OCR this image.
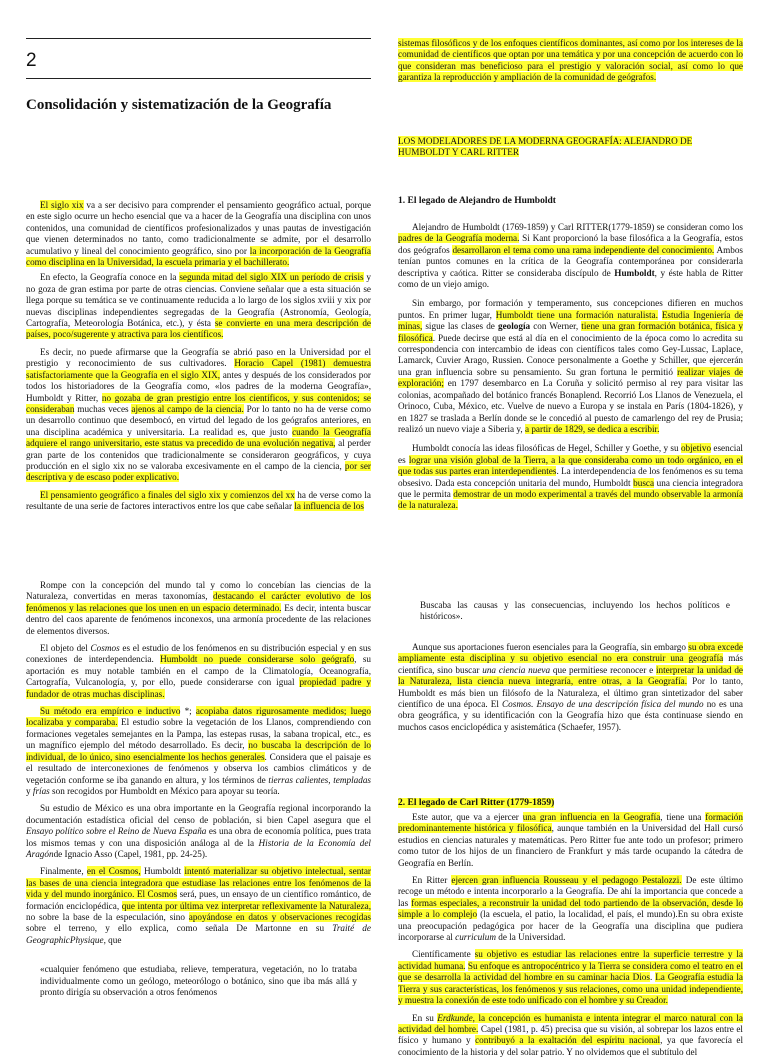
2
Consolidación y sistematización de la Geografía

El siglo xix va a ser decisivo para comprender el pensamiento geográfico actual, porque en este siglo ocurre un hecho esencial que va a hacer de la Geografía una disciplina con unos contenidos, una comunidad de científicos profesionalizados y unas pautas de investigación que vienen determinados no tanto, como tradicionalmente se admite, por el desarrollo acumulativo y lineal del conocimiento geográfico, sino por la incorporación de la Geografía como disciplina en la Universidad, la escuela primaria y el bachillerato.

En efecto, la Geografía conoce en la segunda mitad del siglo XIX un período de crisis y no goza de gran estima por parte de otras ciencias. Conviene señalar que a esta situación se llega porque su temática se ve continuamente reducida a lo largo de los siglos xviii y xix por nuevas disciplinas independientes segregadas de la Geografía (Astronomía, Geología, Cartografía, Meteorología Botánica, etc.), y ésta se convierte en una mera descripción de países, poco/sugerente y atractiva para los científicos.

Es decir, no puede afirmarse que la Geografía se abrió paso en la Universidad por el prestigio y reconocimiento de sus cultivadores. Horacio Capel (1981) demuestra satisfactoriamente que la Geografía en el siglo XIX, antes y después de los considerados por todos los historiadores de la Geografía como, «los padres de la moderna Geografía», Humboldt y Ritter, no gozaba de gran prestigio entre los científicos, y sus contenidos; se consideraban muchas veces ajenos al campo de la ciencia. Por lo tanto no ha de verse como un desarrollo continuo que desembocó, en virtud del legado de los geógrafos anteriores, en una disciplina académica y universitaria. La realidad es, que justo cuando la Geografía adquiere el rango universitario, este status va precedido de una evolución negativa, al perder gran parte de los contenidos que tradicionalmente se consideraron geográficos, y cuya producción en el siglo xix no se valoraba excesivamente en el campo de la ciencia, por ser descriptiva y de escaso poder explicativo.

El pensamiento geográfico a finales del siglo xix y comienzos del xx ha de verse como la resultante de una serie de factores interactivos entre los que cabe señalar la influencia de los

Rompe con la concepción del mundo tal y como lo concebían las ciencias de la Naturaleza, convertidas en meras taxonomías, destacando el carácter evolutivo de los fenómenos y las relaciones que los unen en un espacio determinado. Es decir, intenta buscar dentro del caos aparente de fenómenos inconexos, una armonía procedente de las relaciones de elementos diversos.

El objeto del Cosmos es el estudio de los fenómenos en su distribución especial y en sus conexiones de interdependencia. Humboldt no puede considerarse solo geógrafo, su aportación es muy notable también en el campo de la Climatología, Oceanografía, Cartografía, Vulcanología, y, por ello, puede considerarse con igual propiedad padre y fundador de otras muchas disciplinas.

Su método era empírico e inductivo *; acopiaba datos rigurosamente medidos; luego localizaba y comparaba. El estudio sobre la vegetación de los Llanos, comprendiendo con formaciones vegetales semejantes en la Pampa, las estepas rusas, la sabana tropical, etc., es un magnífico ejemplo del método desarrollado. Es decir, no buscaba la descripción de lo individual, de lo único, sino esencialmente los hechos generales. Considera que el paisaje es el resultado de interconexiones de fenómenos y observa los cambios climáticos y de vegetación conforme se iba ganando en altura, y los términos de tierras calientes, templadas y frías son recogidos por Humboldt en México para apoyar su teoría.

Su estudio de México es una obra importante en la Geografía regional incorporando la documentación estadística oficial del censo de población, si bien Capel asegura que el Ensayo político sobre el Reino de Nueva España es una obra de economía política, pues trata los mismos temas y con una disposición análoga al de la Historia de la Economía del Aragónde Ignacio Asso (Capel, 1981, pp. 24-25).

Finalmente, en el Cosmos, Humboldt intentó materializar su objetivo intelectual, sentar las bases de una ciencia integradora que estudiase las relaciones entre los fenómenos de la vida y del mundo inorgánico. El Cosmos será, pues, un ensayo de un científico romántico, de formación enciclopédica, que intenta por última vez interpretar reflexivamente la Naturaleza, no sobre la base de la especulación, sino apoyándose en datos y observaciones recogidas sobre el terreno, y ello explica, como señala De Martonne en su Traité de GeographicPhysique, que

«cualquier fenómeno que estudiaba, relieve, temperatura, vegetación, no lo trataba individualmente como un geólogo, meteorólogo o botánico, sino que iba más allá y pronto dirigía su observación a otros fenómenos

sistemas filosóficos y de los enfoques científicos dominantes, así como por los intereses de la comunidad de científicos que optan por una temática y por una concepción de acuerdo con lo que consideran mas beneficioso para el prestigio y valoración social, así como lo que garantiza la reproducción y ampliación de la comunidad de geógrafos.

LOS MODELADORES DE LA MODERNA GEOGRAFÍA: ALEJANDRO DE HUMBOLDT Y CARL RITTER
1. El legado de Alejandro de Humboldt

Alejandro de Humboldt (1769-1859) y Carl RITTER(1779-1859) se consideran como los padres de la Geografía moderna. Si Kant proporcionó la base filosófica a la Geografía, estos dos geógrafos desarrollaron el tema como una rama independiente del conocimiento. Ambos tenían puntos comunes en la crítica de la Geografía contemporánea por considerarla descriptiva y caótica. Ritter se consideraba discípulo de Humboldt, y éste habla de Ritter como de un viejo amigo.

Sin embargo, por formación y temperamento, sus concepciones difieren en muchos puntos. En primer lugar, Humboldt tiene una formación naturalista. Estudia Ingeniería de minas, sigue las clases de geología con Werner, tiene una gran formación botánica, física y filosófica. Puede decirse que está al día en el conocimiento de la época como lo acredita su correspondencia con intercambio de ideas con científicos tales como Gey-Lussac, Laplace, Lamarck, Cuvier Arago, Russien. Conoce personalmente a Goethe y Schiller, que ejercerán una gran influencia sobre su pensamiento. Su gran fortuna le permitió realizar viajes de exploración; en 1797 desembarco en La Coruña y solicitó permiso al rey para visitar las colonias, acompañado del botánico francés Bonaplend. Recorrió Los Llanos de Venezuela, el Orinoco, Cuba, México, etc. Vuelve de nuevo a Europa y se instala en París (1804-1826), y en 1827 se traslada a Berlín donde se le concedió al puesto de camarlengo del rey de Prusia; realizó un nuevo viaje a Siberia y, a partir de 1829, se dedica a escribir.

Humboldt conocía las ideas filosóficas de Hegel, Schiller y Goethe, y su objetivo esencial es lograr una visión global de la Tierra, a la que consideraba como un todo orgánico, en el que todas sus partes eran interdependientes. La interdependencia de los fenómenos es su tema obsesivo. Dada esta concepción unitaria del mundo, Humboldt busca una ciencia integradora que le permita demostrar de un modo experimental a través del mundo observable la armonía de la naturaleza.

Buscaba las causas y las consecuencias, incluyendo los hechos políticos e históricos».

Aunque sus aportaciones fueron esenciales para la Geografía, sin embargo su obra excede ampliamente esta disciplina y su objetivo esencial no era construir una geografía más científica, sino buscar una ciencia nueva que permitiese reconocer e interpretar la unidad de la Naturaleza, lista ciencia nueva integraría, entre otras, a la Geografía. Por lo tanto, Humboldt es más bien un filósofo de la Naturaleza, el último gran sintetizador del saber científico de una época. El Cosmos. Ensayo de una descripción física del mundo no es una obra geográfica, y su identificación con la Geografía hizo que ésta continuase siendo en muchos casos enciclopédica y asistemática (Schaefer, 1957).

2. El legado de Carl Ritter (1779-1859)

Este autor, que va a ejercer una gran influencia en la Geografía, tiene una formación predominantemente histórica y filosófica, aunque también en la Universidad del Hall cursó estudios en ciencias naturales y matemáticas. Pero Ritter fue ante todo un profesor; primero como tutor de los hijos de un financiero de Frankfurt y más tarde ocupando la cátedra de Geografía en Berlín.

En Ritter ejercen gran influencia Rousseau y el pedagogo Pestalozzi. De este último recoge un método e intenta incorporarlo a la Geografía. De ahí la importancia que concede a las formas especiales, a reconstruir la unidad del todo partiendo de la observación, desde lo simple a lo complejo (la escuela, el patio, la localidad, el país, el mundo).En su obra existe una preocupación pedagógica por hacer de la Geografía una disciplina que pudiera incorporarse al curriculum de la Universidad.

Científicamente su objetivo es estudiar las relaciones entre la superficie terrestre y la actividad humana. Su enfoque es antropocéntrico y la Tierra se considera como el teatro en el que se desarrolla la actividad del hombre en su caminar hacia Dios. La Geografía estudia la Tierra y sus características, los fenómenos y sus relaciones, como una unidad independiente, y muestra la conexión de este todo unificado con el hombre y su Creador.

En su Erdkunde, la concepción es humanista e intenta integrar el marco natural con la actividad del hombre. Capel (1981, p. 45) precisa que su visión, al sobrepar los lazos entre el físico y humano y contribuyó a la exaltación del espíritu nacional, ya que favorecía el conocimiento de la historia y del solar patrio. Y no olvidemos que el subtítulo del
